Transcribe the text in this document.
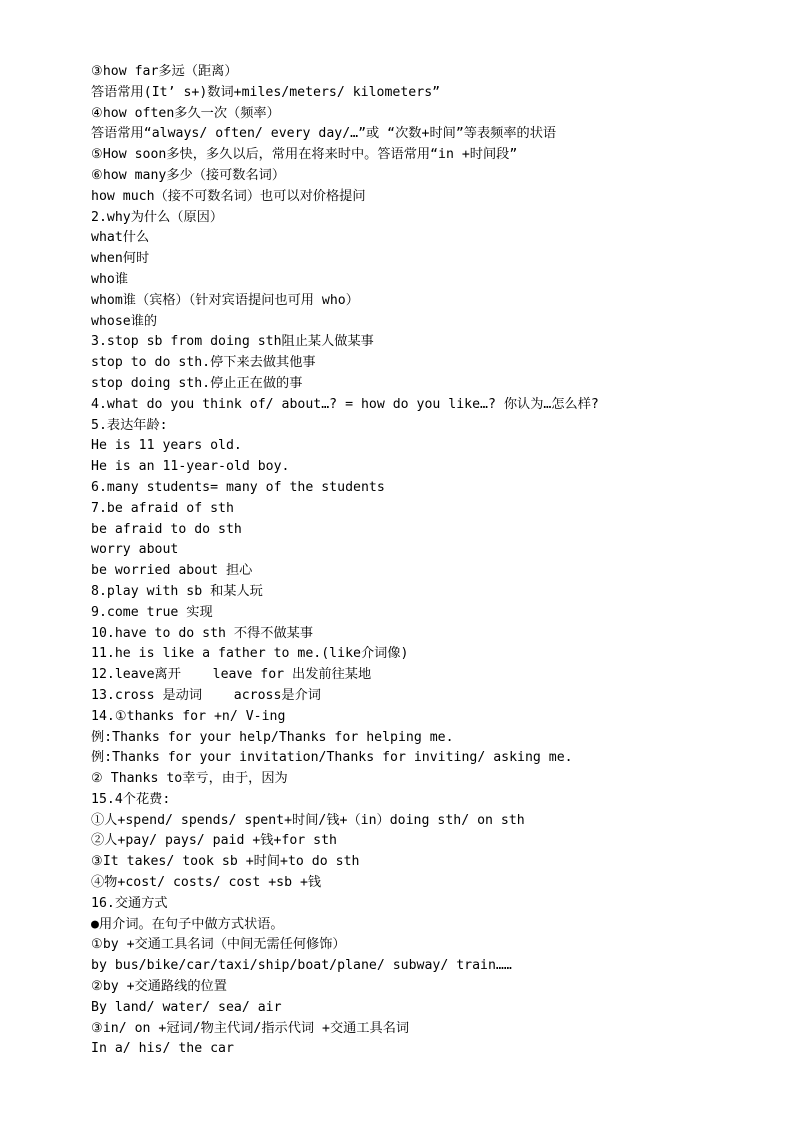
③how far多远（距离）
答语常用(It’ s+)数词+miles/meters/ kilometers”
④how often多久一次（频率）
答语常用“always/ often/ every day/…”或 “次数+时间”等表频率的状语
⑤How soon多快，多久以后，常用在将来时中。答语常用“in +时间段”
⑥how many多少（接可数名词）
how much（接不可数名词）也可以对价格提问
2.why为什么（原因）
what什么
when何时
who谁
whom谁（宾格）（针对宾语提问也可用 who）
whose谁的
3.stop sb from doing sth阻止某人做某事
stop to do sth.停下来去做其他事
stop doing sth.停止正在做的事
4.what do you think of/ about…? = how do you like…? 你认为…怎么样?
5.表达年龄:
He is 11 years old.
He is an 11-year-old boy.
6.many students= many of the students
7.be afraid of sth
be afraid to do sth
worry about
be worried about 担心
8.play with sb 和某人玩
9.come true 实现
10.have to do sth 不得不做某事
11.he is like a father to me.(like介词像)
12.leave离开    leave for 出发前往某地
13.cross 是动词    across是介词
14.①thanks for +n/ V-ing
例:Thanks for your help/Thanks for helping me.
例:Thanks for your invitation/Thanks for inviting/ asking me.
② Thanks to幸亏，由于，因为
15.4个花费:
①人+spend/ spends/ spent+时间/钱+（in）doing sth/ on sth
②人+pay/ pays/ paid +钱+for sth
③It takes/ took sb +时间+to do sth
④物+cost/ costs/ cost +sb +钱
16.交通方式
●用介词。在句子中做方式状语。
①by +交通工具名词（中间无需任何修饰）
by bus/bike/car/taxi/ship/boat/plane/ subway/ train……
②by +交通路线的位置
By land/ water/ sea/ air
③in/ on +冠词/物主代词/指示代词 +交通工具名词
In a/ his/ the car
